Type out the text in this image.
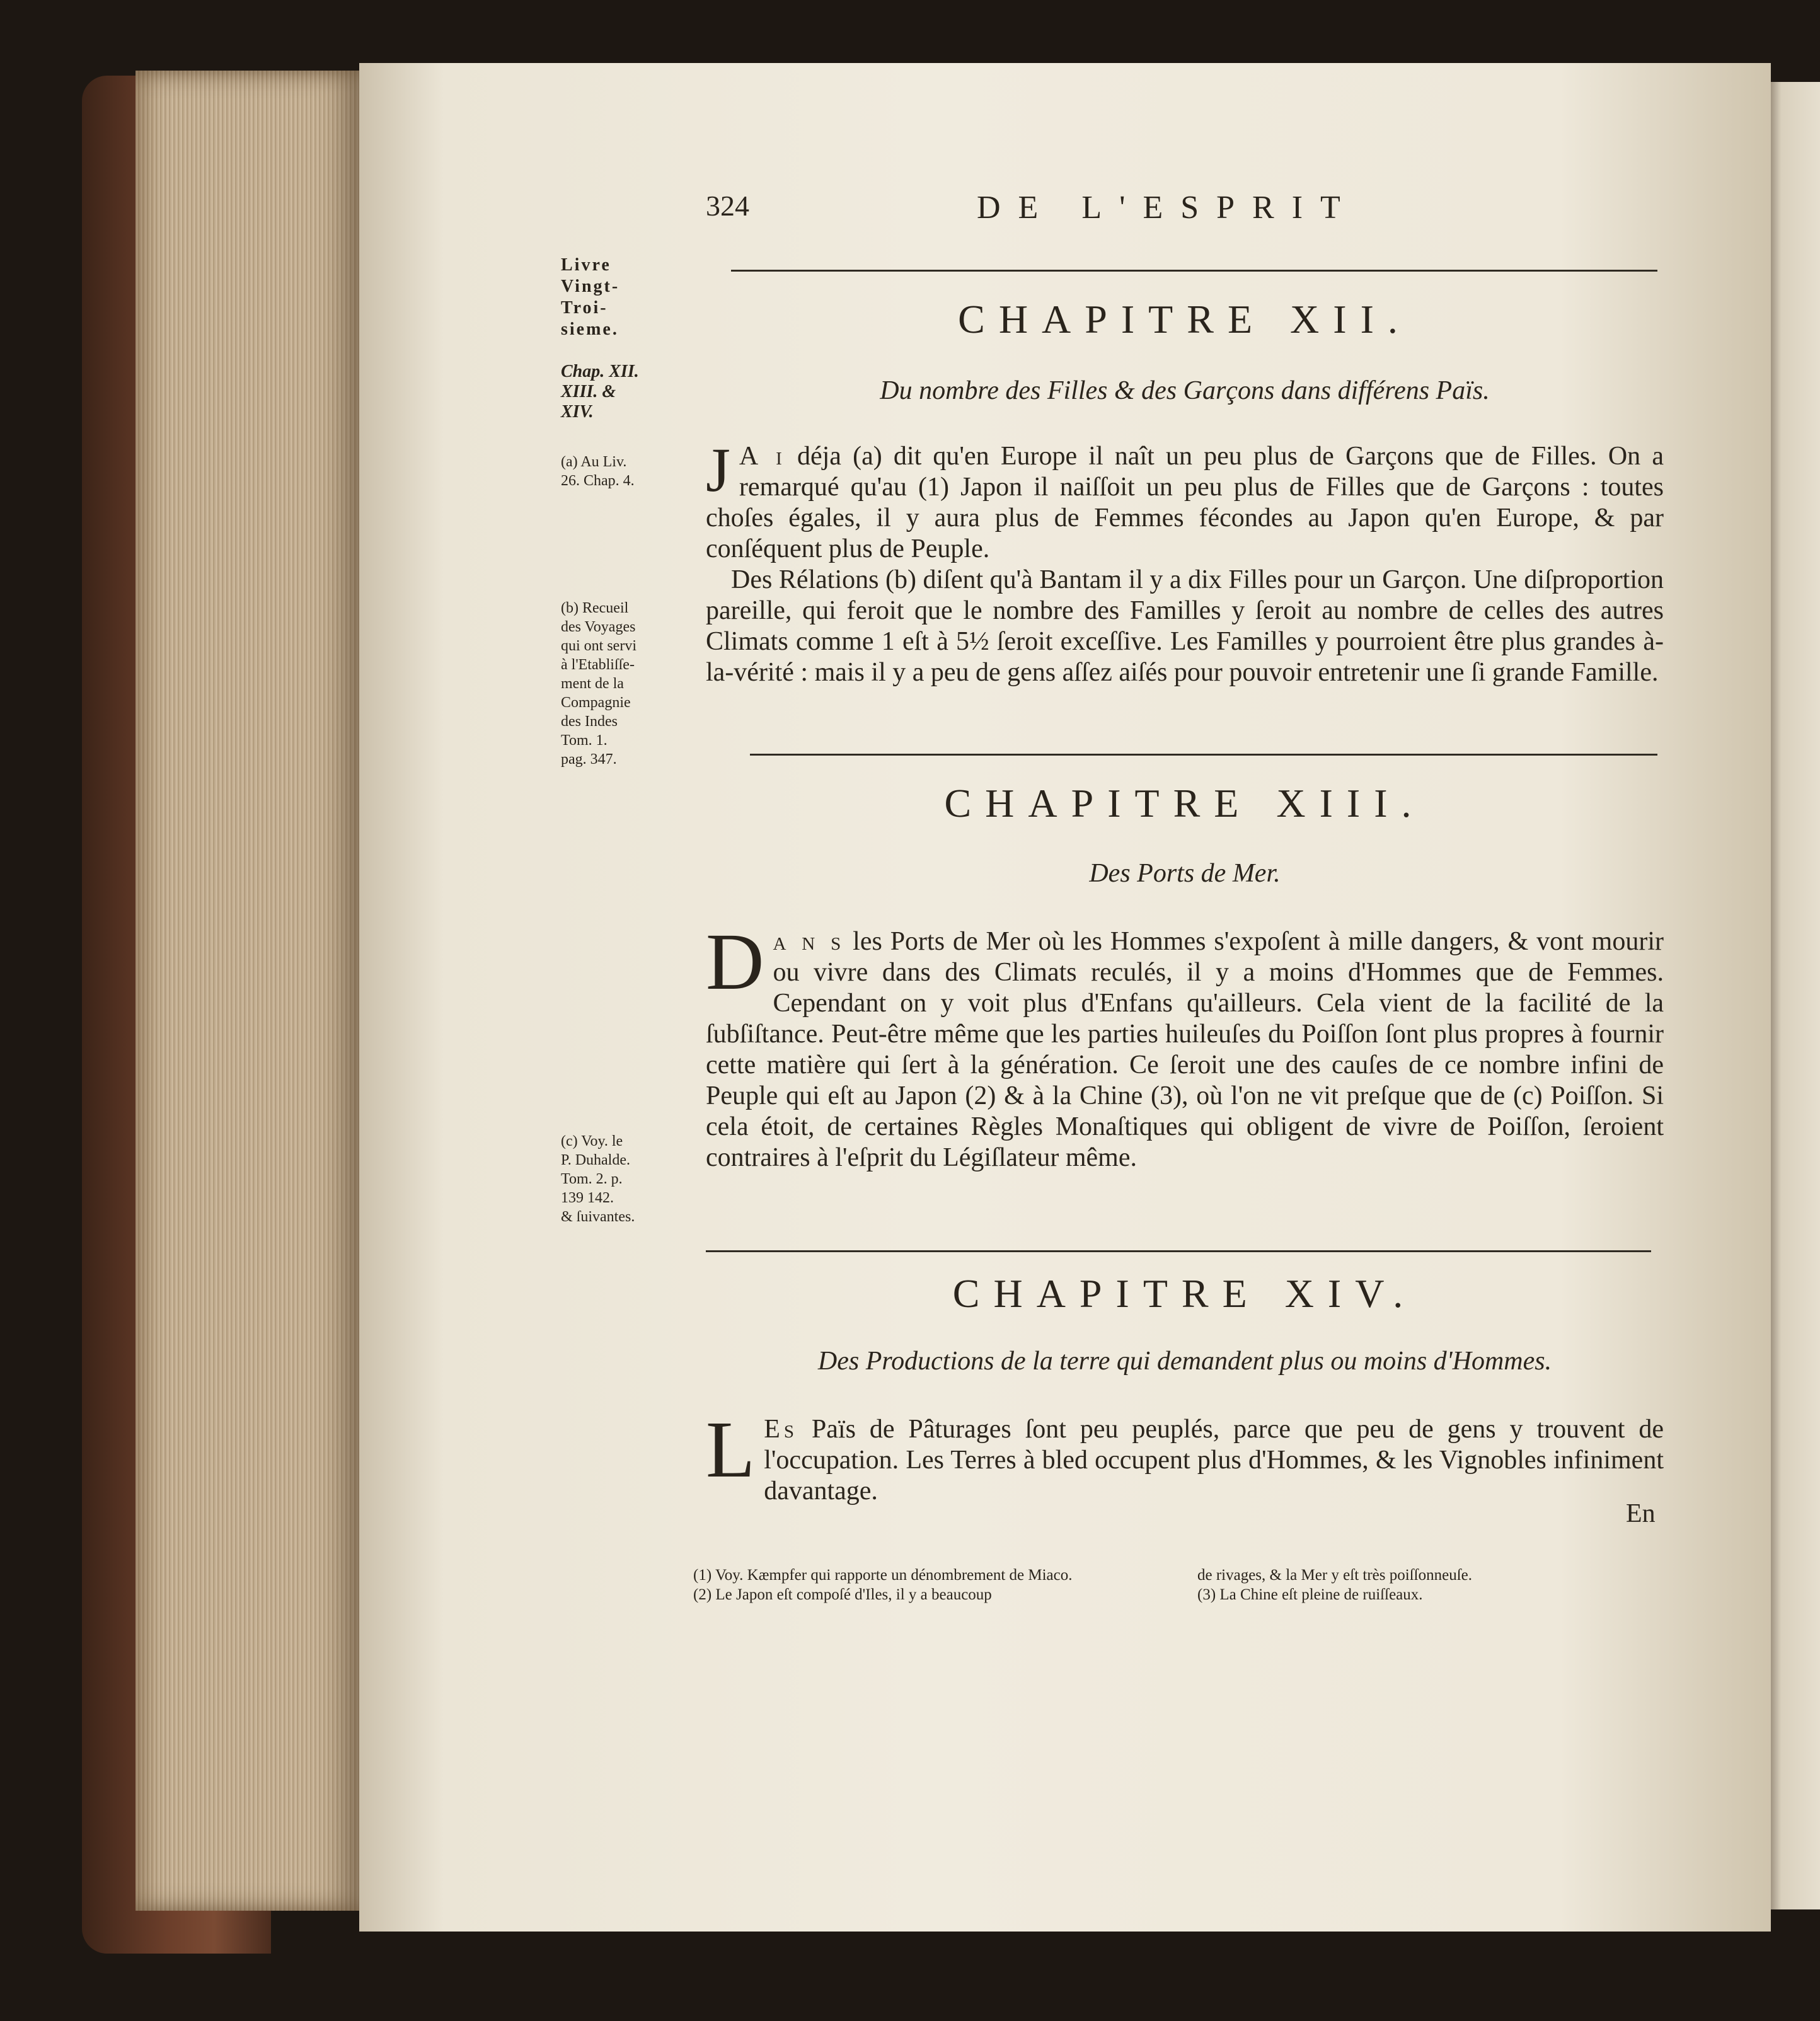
324	DE L'ESPRIT
Livre
Vingt-
Troi-
sieme.
Chap. XII.
XIII. &
XIV.
(a) Au Liv.
26. Chap. 4.
(b) Recueil
des Voyages
qui ont servi
à l'Etabliſſe-
ment de la
Compagnie
des Indes
Tom. 1.
pag. 347.
(c) Voy. le
P. Duhalde.
Tom. 2. p.
139 142.
& ſuivantes.
CHAPITRE XII.
Du nombre des Filles & des Garçons dans différens Païs.

J A i déja (a) dit qu'en Europe il naît un peu plus de Garçons que de Filles. On a remarqué qu'au (1) Japon il naiſſoit un peu plus de Filles que de Garçons : toutes choſes égales, il y aura plus de Femmes fécondes au Japon qu'en Europe, & par conſéquent plus de Peuple.

Des Rélations (b) diſent qu'à Bantam il y a dix Filles pour un Garçon. Une diſproportion pareille, qui feroit que le nombre des Familles y ſeroit au nombre de celles des autres Climats comme 1 eſt à 5½ ſeroit exceſſive. Les Familles y pourroient être plus grandes à-la-vérité : mais il y a peu de gens aſſez aiſés pour pouvoir entretenir une ſi grande Famille.

CHAPITRE XIII.
Des Ports de Mer.

Da n s les Ports de Mer où les Hommes s'expoſent à mille dangers, & vont mourir ou vivre dans des Climats reculés, il y a moins d'Hommes que de Femmes. Cependant on y voit plus d'Enfans qu'ailleurs. Cela vient de la facilité de la ſubſiſtance. Peut-être même que les parties huileuſes du Poiſſon ſont plus propres à fournir cette matière qui ſert à la génération. Ce ſeroit une des cauſes de ce nombre infini de Peuple qui eſt au Japon (2) & à la Chine (3), où l'on ne vit preſque que de (c) Poiſſon. Si cela étoit, de certaines Règles Monaſtiques qui obligent de vivre de Poiſſon, ſeroient contraires à l'eſprit du Légiſlateur même.

CHAPITRE XIV.
Des Productions de la terre qui demandent plus ou moins d'Hommes.

L Es Païs de Pâturages ſont peu peuplés, parce que peu de gens y trouvent de l'occupation. Les Terres à bled occupent plus d'Hommes, & les Vignobles infiniment davantage.

En
(1) Voy. Kæmpfer qui rapporte un dénombrement de Miaco.
(2) Le Japon eſt compoſé d'Iles, il y a beaucoup
de rivages, & la Mer y eſt très poiſſonneuſe.
(3) La Chine eſt pleine de ruiſſeaux.
